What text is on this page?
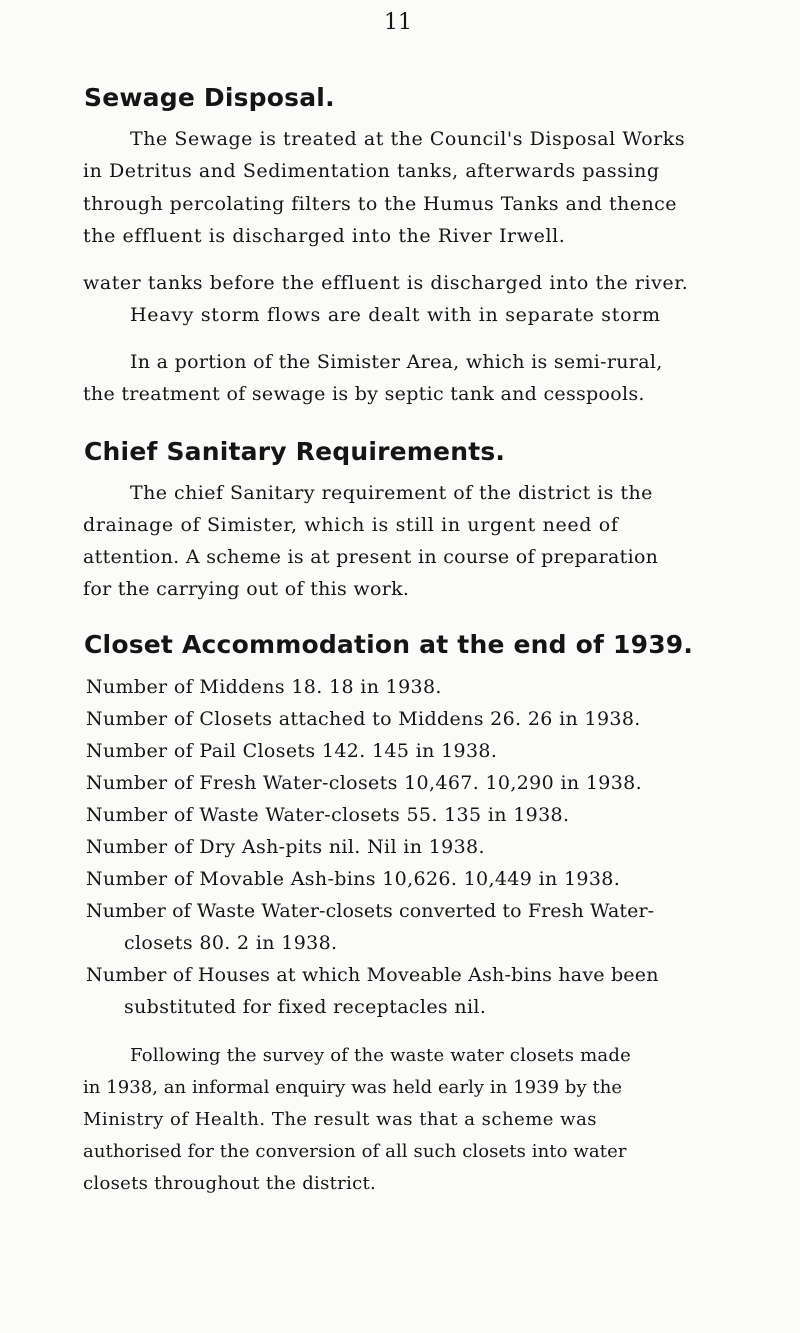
11
Sewage Disposal.
The Sewage is treated at the Council's Disposal Works
in Detritus and Sedimentation tanks, afterwards passing
through percolating filters to the Humus Tanks and thence
the effluent is discharged into the River Irwell.
water tanks before the effluent is discharged into the river.
Heavy storm flows are dealt with in separate storm
In a portion of the Simister Area, which is semi-rural,
the treatment of sewage is by septic tank and cesspools.
Chief Sanitary Requirements.
The chief Sanitary requirement of the district is the
drainage of Simister, which is still in urgent need of
attention. A scheme is at present in course of preparation
for the carrying out of this work.
Closet Accommodation at the end of 1939.
Number of Middens 18. 18 in 1938.
Number of Closets attached to Middens 26. 26 in 1938.
Number of Pail Closets 142. 145 in 1938.
Number of Fresh Water-closets 10,467. 10,290 in 1938.
Number of Waste Water-closets 55. 135 in 1938.
Number of Dry Ash-pits nil. Nil in 1938.
Number of Movable Ash-bins 10,626. 10,449 in 1938.
Number of Waste Water-closets converted to Fresh Water-
closets 80. 2 in 1938.
Number of Houses at which Moveable Ash-bins have been
substituted for fixed receptacles nil.
Following the survey of the waste water closets made
in 1938, an informal enquiry was held early in 1939 by the
Ministry of Health. The result was that a scheme was
authorised for the conversion of all such closets into water
closets throughout the district.
